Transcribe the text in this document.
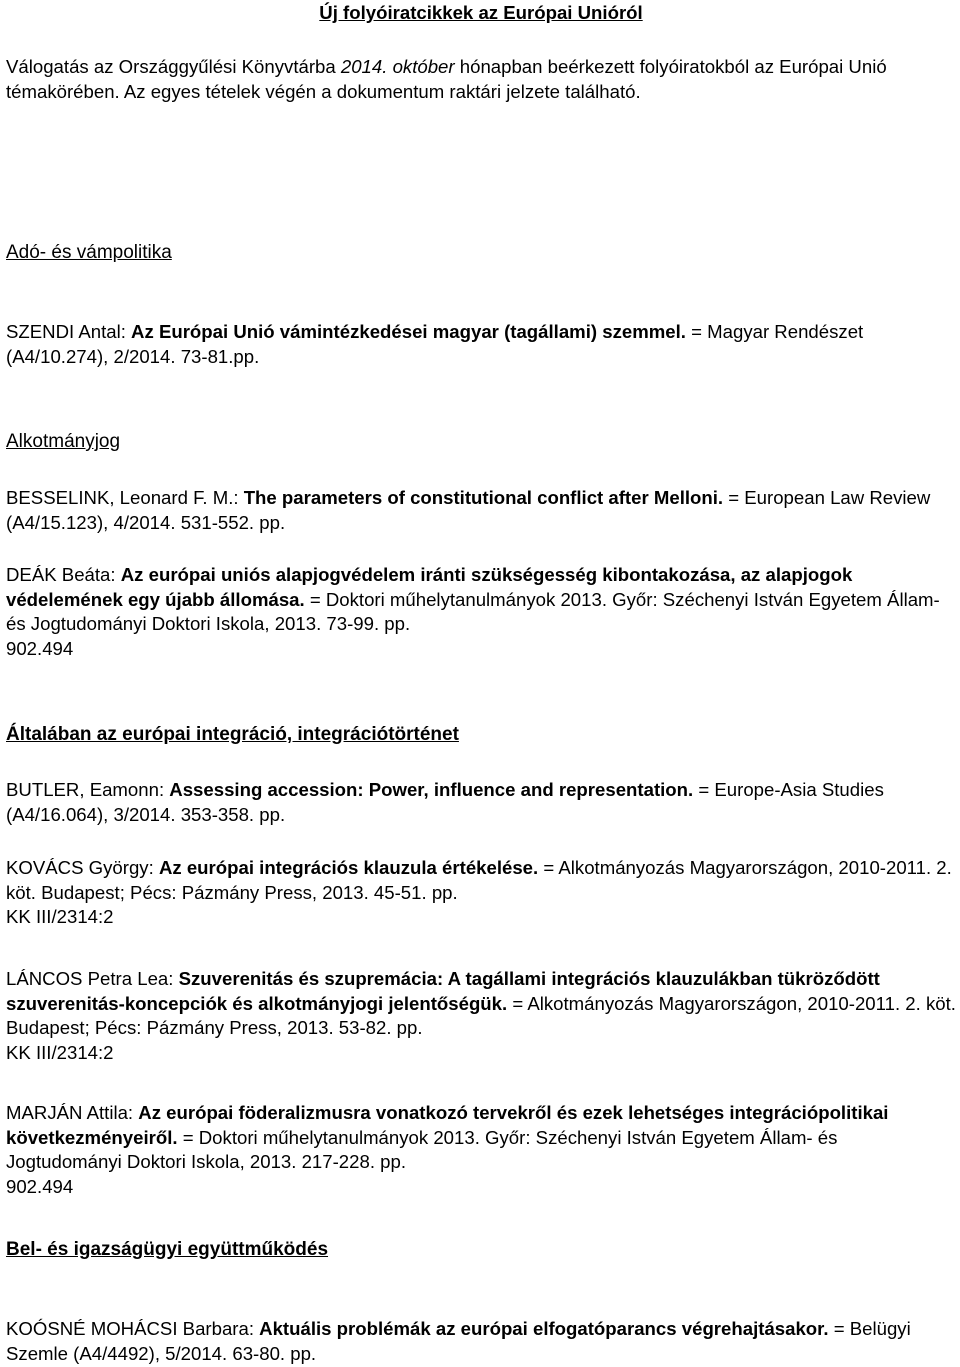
Új folyóiratcikkek az Európai Unióról

Válogatás az Országgyűlési Könyvtárba 2014. október hónapban beérkezett folyóiratokból az Európai Unió témakörében. Az egyes tételek végén a dokumentum raktári jelzete található.

Adó- és vámpolitika

SZENDI Antal: Az Európai Unió vámintézkedései magyar (tagállami) szemmel. = Magyar Rendészet (A4/10.274), 2/2014. 73-81.pp.

Alkotmányjog

BESSELINK, Leonard F. M.: The parameters of constitutional conflict after Melloni. = European Law Review (A4/15.123), 4/2014. 531-552. pp.

DEÁK Beáta: Az európai uniós alapjogvédelem iránti szükségesség kibontakozása, az alapjogok védelemének egy újabb állomása. = Doktori műhelytanulmányok 2013. Győr: Széchenyi István Egyetem Állam- és Jogtudományi Doktori Iskola, 2013. 73-99. pp.

902.494

Általában az európai integráció, integrációtörténet

BUTLER, Eamonn: Assessing accession: Power, influence and representation. = Europe-Asia Studies (A4/16.064), 3/2014. 353-358. pp.

KOVÁCS György: Az európai integrációs klauzula értékelése. = Alkotmányozás Magyarországon, 2010-2011. 2. köt. Budapest; Pécs: Pázmány Press, 2013. 45-51. pp.

KK III/2314:2

LÁNCOS Petra Lea: Szuverenitás és szupremácia: A tagállami integrációs klauzulákban tükröződött szuverenitás-koncepciók és alkotmányjogi jelentőségük. = Alkotmányozás Magyarországon, 2010-2011. 2. köt. Budapest; Pécs: Pázmány Press, 2013. 53-82. pp.

KK III/2314:2

MARJÁN Attila: Az európai föderalizmusra vonatkozó tervekről és ezek lehetséges integrációpolitikai következményeiről. = Doktori műhelytanulmányok 2013. Győr: Széchenyi István Egyetem Állam- és Jogtudományi Doktori Iskola, 2013. 217-228. pp.

902.494

Bel- és igazságügyi együttműködés

KOÓSNÉ MOHÁCSI Barbara: Aktuális problémák az európai elfogatóparancs végrehajtásakor. = Belügyi Szemle (A4/4492), 5/2014. 63-80. pp.
